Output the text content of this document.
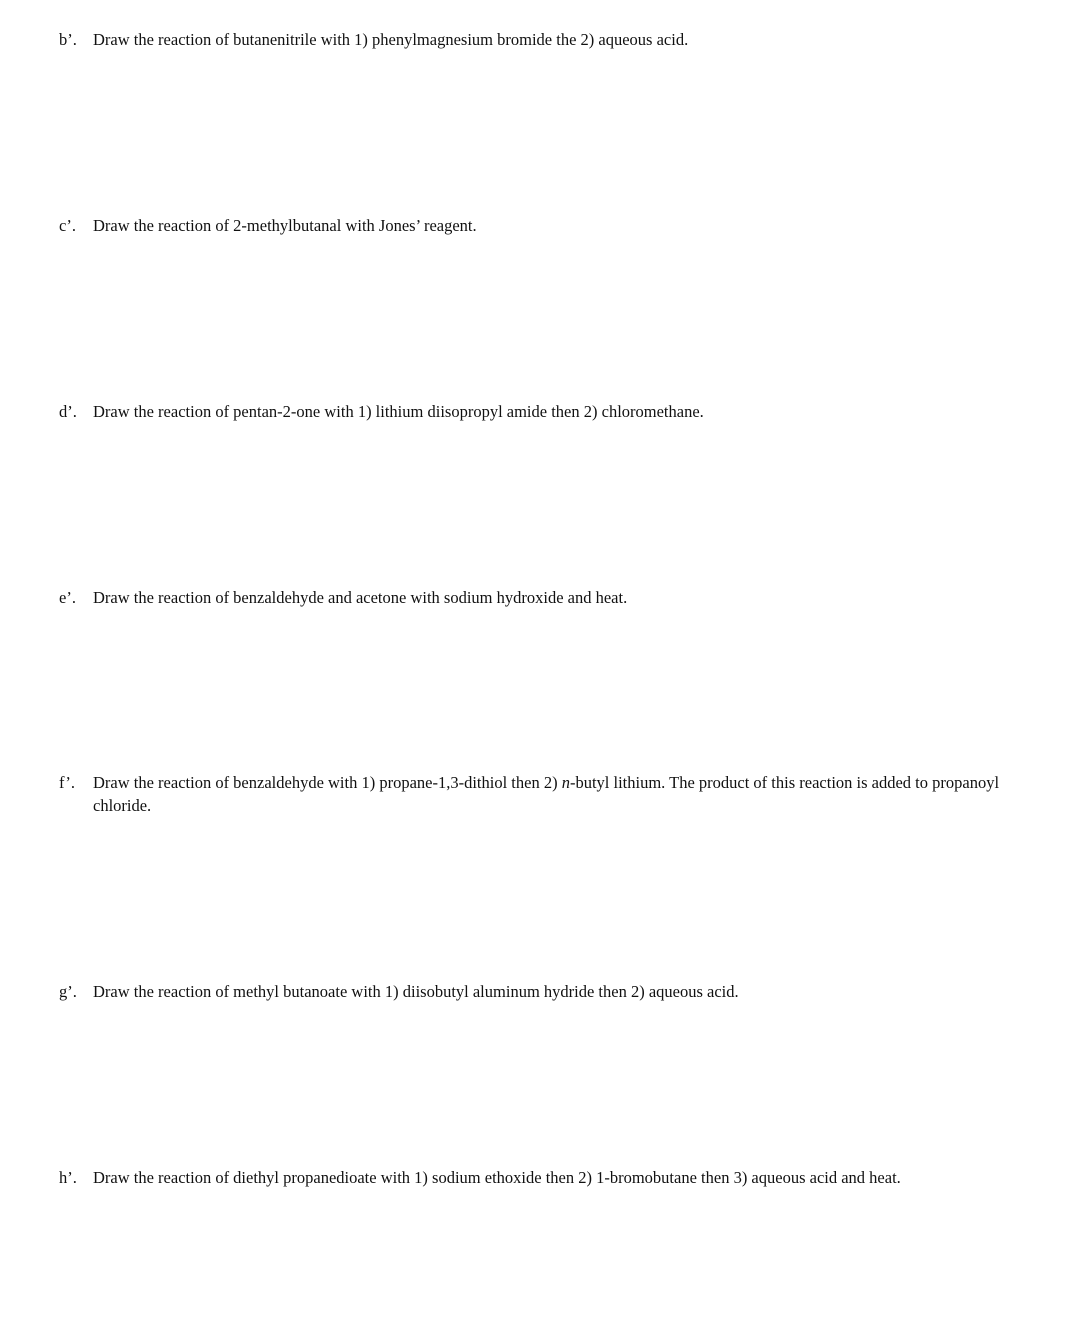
b’. Draw the reaction of butanenitrile with 1) phenylmagnesium bromide the 2) aqueous acid.
c’. Draw the reaction of 2-methylbutanal with Jones’ reagent.
d’. Draw the reaction of pentan-2-one with 1) lithium diisopropyl amide then 2) chloromethane.
e’. Draw the reaction of benzaldehyde and acetone with sodium hydroxide and heat.
f’. Draw the reaction of benzaldehyde with 1) propane-1,3-dithiol then 2) n-butyl lithium. The product of this reaction is added to propanoyl chloride.
g’. Draw the reaction of methyl butanoate with 1) diisobutyl aluminum hydride then 2) aqueous acid.
h’. Draw the reaction of diethyl propanedioate with 1) sodium ethoxide then 2) 1-bromobutane then 3) aqueous acid and heat.
